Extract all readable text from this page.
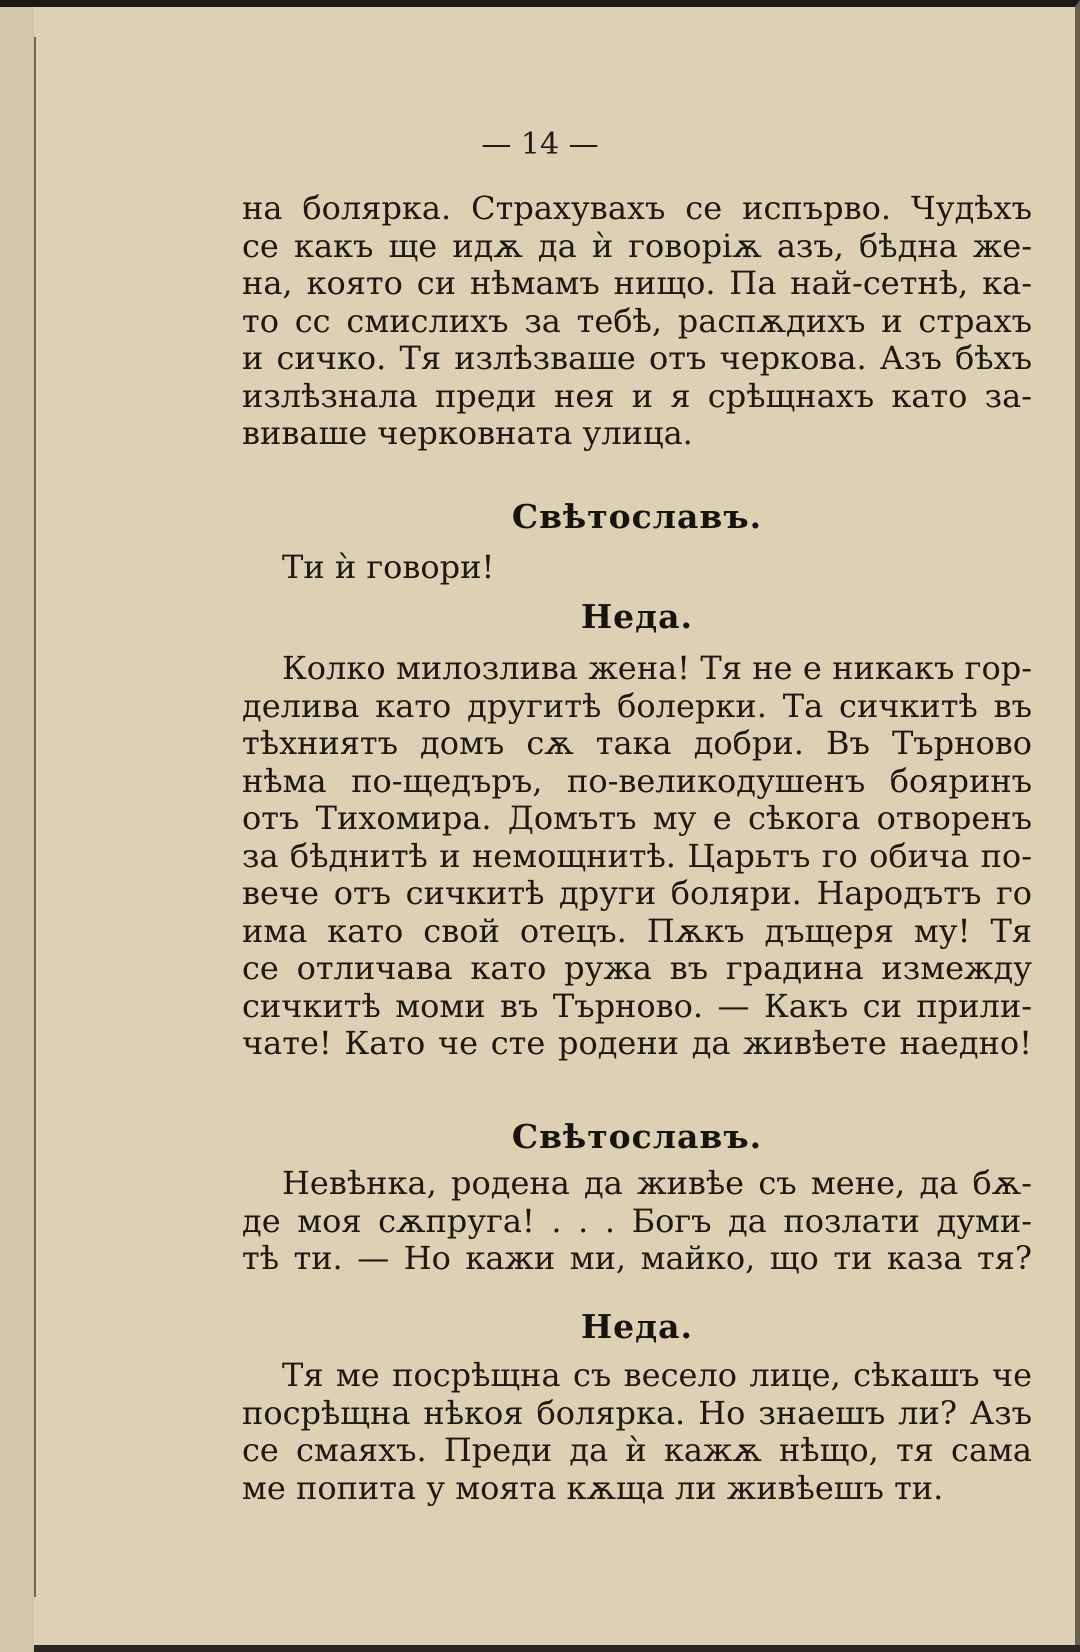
— 14 —

на болярка. Страхувахъ се испърво. Чудѣхъ

се какъ ще идѫ да ѝ говоріѫ азъ, бѣдна же-

на, която си нѣмамъ нищо. Па най-сетнѣ, ка-

то сс смислихъ за тебѣ, распѫдихъ и страхъ

и сичко. Тя излѣзваше отъ черкова. Азъ бѣхъ

излѣзнала преди нея и я срѣщнахъ като за-

виваше черковната улица.

Свѣтославъ.

Ти ѝ говори!

Неда.

Колко милозлива жена! Тя не е никакъ гор-

делива като другитѣ болерки. Та сичкитѣ въ

тѣхниятъ домъ сѫ така добри. Въ Търново

нѣма по-щедъръ, по-великодушенъ бояринъ

отъ Тихомира. Домътъ му е сѣкога отворенъ

за бѣднитѣ и немощнитѣ. Царьтъ го обича по-

вече отъ сичкитѣ други боляри. Народътъ го

има като свой отецъ. Пѫкъ дъщеря му! Тя

се отличава като ружа въ градина измежду

сичкитѣ моми въ Търново. — Какъ си прили-

чате! Като че сте родени да живѣете наедно!

Свѣтославъ.

Невѣнка, родена да живѣе съ мене, да бѫ-

де моя сѫпруга! . . . Богъ да позлати думи-

тѣ ти. — Но кажи ми, майко, що ти каза тя?

Неда.

Тя ме посрѣщна съ весело лице, сѣкашъ че

посрѣщна нѣкоя болярка. Но знаешъ ли? Азъ

се смаяхъ. Преди да ѝ кажѫ нѣщо, тя сама

ме попита у моята кѫща ли живѣешъ ти.
